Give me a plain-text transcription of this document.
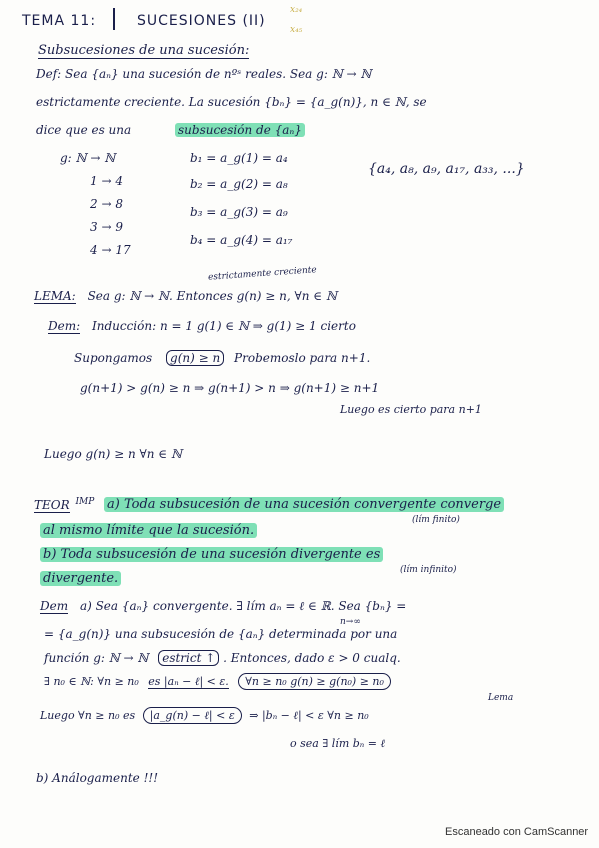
TEMA 11:	SUCESIONES (II)
x₂₄
x₄₅
Subsucesiones de una sucesión:
Def: Sea {aₙ} una sucesión de nºˢ reales. Sea g: ℕ → ℕ
estrictamente creciente. La sucesión {bₙ} = {a_g(n)}, n ∈ ℕ, se
dice que es una	subsucesión de {aₙ}
g: ℕ → ℕ
1 → 4
2 → 8
3 → 9
4 → 17
b₁ = a_g(1) = a₄
b₂ = a_g(2) = a₈
b₃ = a_g(3) = a₉
b₄ = a_g(4) = a₁₇
{a₄, a₈, a₉, a₁₇, a₃₃, ...}
estrictamente creciente
LEMA: Sea g: ℕ → ℕ. Entonces g(n) ≥ n, ∀n ∈ ℕ
Dem: Inducción: n = 1 g(1) ∈ ℕ ⇒ g(1) ≥ 1 cierto
Supongamos g(n) ≥ n Probemoslo para n+1.
g(n+1) > g(n) ≥ n ⇒ g(n+1) > n ⇒ g(n+1) ≥ n+1
Luego es cierto para n+1
Luego g(n) ≥ n ∀n ∈ ℕ
TEOR $^{IMP}$ a) Toda subsucesión de una sucesión convergente converge
(lím finito)
al mismo límite que la sucesión.
b) Toda subsucesión de una sucesión divergente es
(lím infinito)
divergente.
Dem a) Sea {aₙ} convergente. ∃ lím aₙ = ℓ ∈ ℝ. Sea {bₙ} =
n→∞
= {a_g(n)} una subsucesión de {aₙ} determinada por una
función g: ℕ → ℕ estrict ↑ . Entonces, dado ε > 0 cualq.
∃ n₀ ∈ ℕ: ∀n ≥ n₀ es |aₙ − ℓ| < ε. ∀n ≥ n₀ g(n) ≥ g(n₀) ≥ n₀
Lema
Luego ∀n ≥ n₀ es |a_g(n) − ℓ| < ε ⇒ |bₙ − ℓ| < ε ∀n ≥ n₀
o sea ∃ lím bₙ = ℓ
b) Análogamente !!!
Escaneado con CamScanner
